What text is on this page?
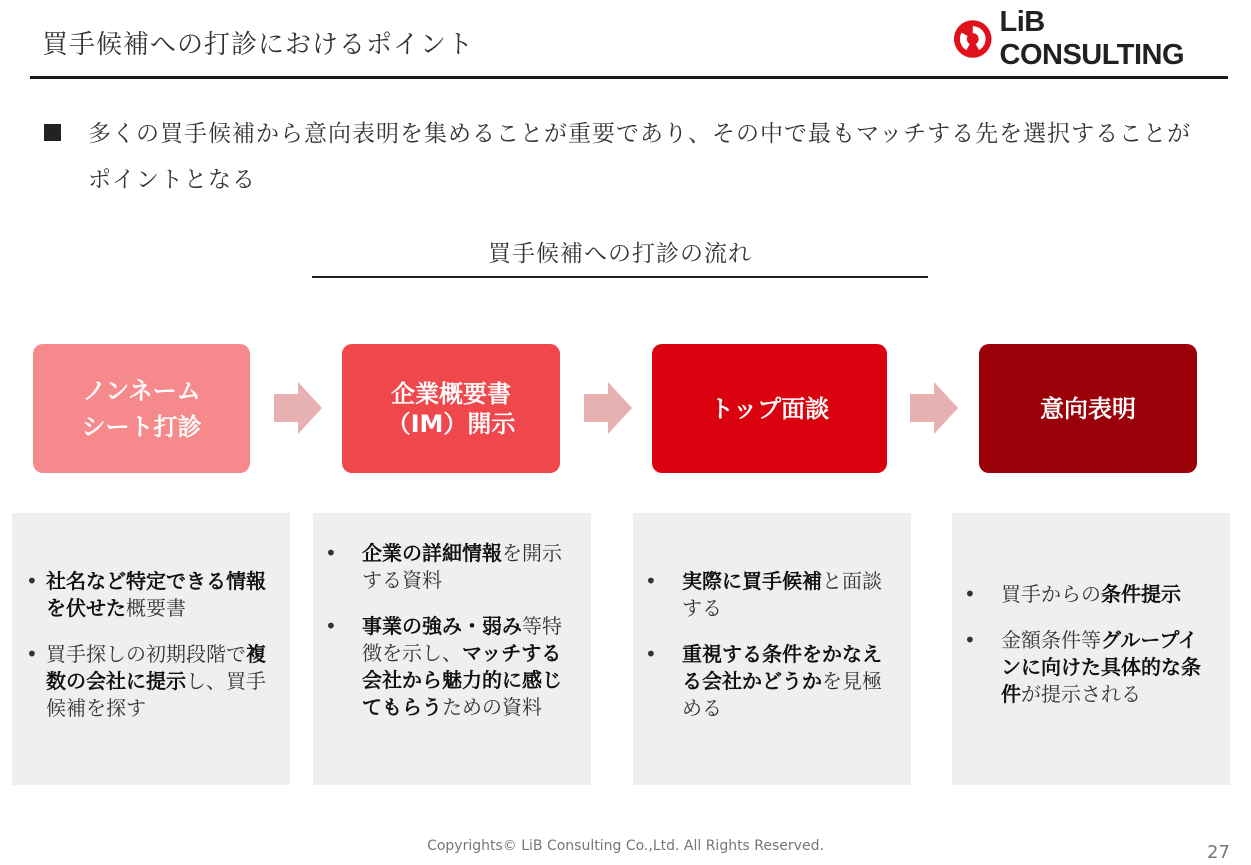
買手候補への打診におけるポイント
LiB CONSULTING
多くの買手候補から意向表明を集めることが重要であり、その中で最もマッチする先を選択することがポイントとなる
買手候補への打診の流れ
ノンネーム
シート打診
企業概要書
（IM）開示
トップ面談	意向表明
• 社名など特定できる情報を伏せた概要書
• 買手探しの初期段階で複数の会社に提示し、買手候補を探す
• 企業の詳細情報を開示する資料
• 事業の強み・弱み等特徴を示し、マッチする会社から魅力的に感じてもらうための資料
• 実際に買手候補と面談する
• 重視する条件をかなえる会社かどうかを見極める
• 買手からの条件提示
• 金額条件等グループインに向けた具体的な条件が提示される
Copyrights© LiB Consulting Co.,Ltd. All Rights Reserved.	27
